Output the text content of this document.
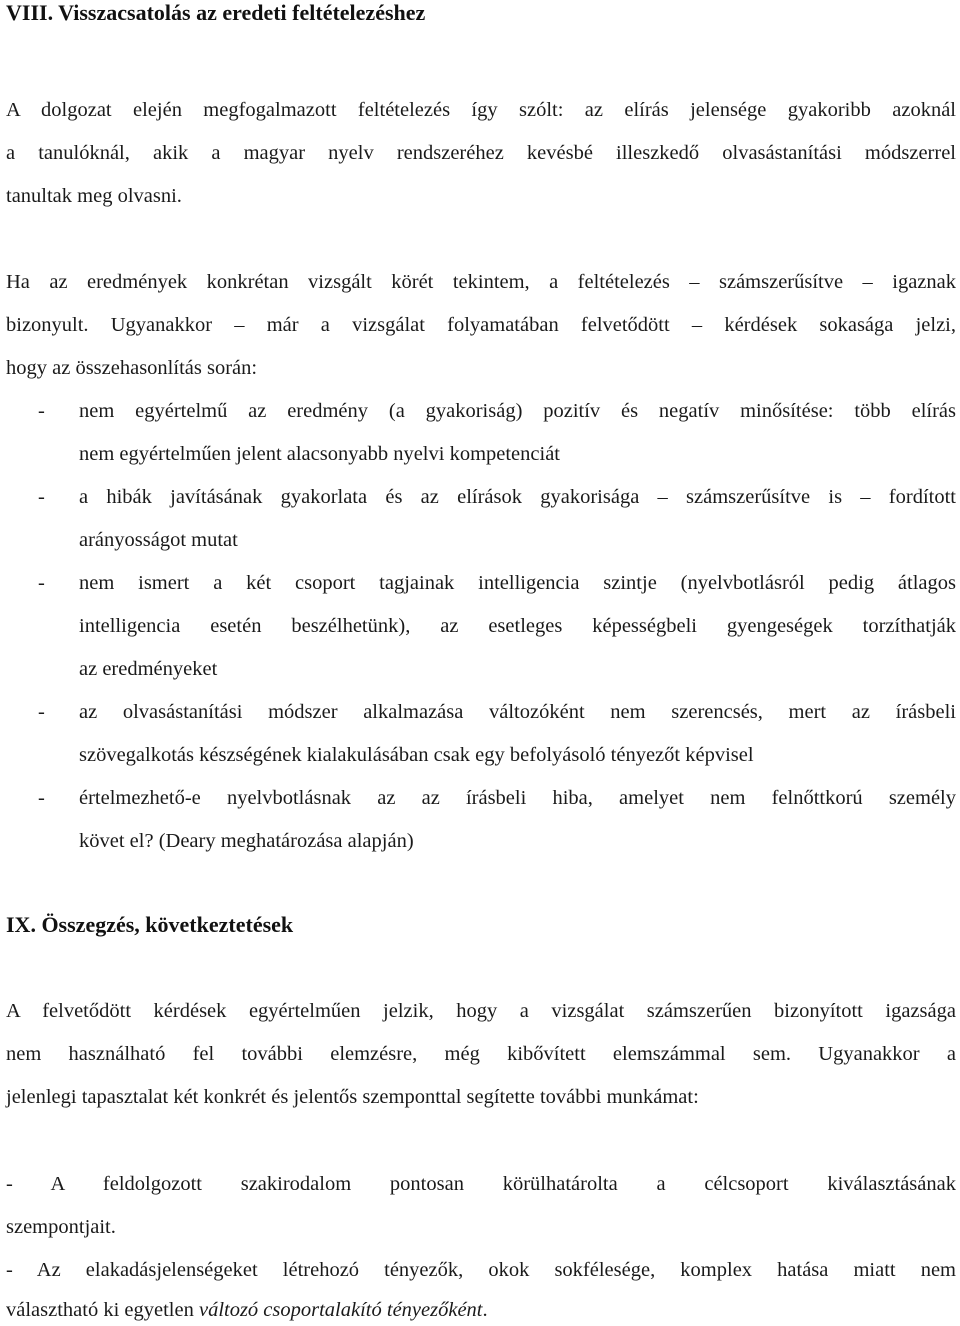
VIII. Visszacsatolás az eredeti feltételezéshez
A dolgozat elején megfogalmazott feltételezés így szólt: az elírás jelensége gyakoribb azoknál
a tanulóknál, akik a magyar nyelv rendszeréhez kevésbé illeszkedő olvasástanítási módszerrel
tanultak meg olvasni.
Ha az eredmények konkrétan vizsgált körét tekintem, a feltételezés – számszerűsítve – igaznak
bizonyult. Ugyanakkor – már a vizsgálat folyamatában felvetődött – kérdések sokasága jelzi,
hogy az összehasonlítás során:
- nem egyértelmű az eredmény (a gyakoriság) pozitív és negatív minősítése: több elírás
nem egyértelműen jelent alacsonyabb nyelvi kompetenciát
- a hibák javításának gyakorlata és az elírások gyakorisága – számszerűsítve is – fordított
arányosságot mutat
- nem ismert a két csoport tagjainak intelligencia szintje (nyelvbotlásról pedig átlagos
intelligencia esetén beszélhetünk), az esetleges képességbeli gyengeségek torzíthatják
az eredményeket
- az olvasástanítási módszer alkalmazása változóként nem szerencsés, mert az írásbeli
szövegalkotás készségének kialakulásában csak egy befolyásoló tényezőt képvisel
- értelmezhető-e nyelvbotlásnak az az írásbeli hiba, amelyet nem felnőttkorú személy
követ el? (Deary meghatározása alapján)
IX. Összegzés, következtetések
A felvetődött kérdések egyértelműen jelzik, hogy a vizsgálat számszerűen bizonyított igazsága
nem használható fel további elemzésre, még kibővített elemszámmal sem. Ugyanakkor a
jelenlegi tapasztalat két konkrét és jelentős szemponttal segítette további munkámat:
- A feldolgozott szakirodalom pontosan körülhatárolta a célcsoport kiválasztásának
szempontjait.
- Az elakadásjelenségeket létrehozó tényezők, okok sokfélesége, komplex hatása miatt nem
választható ki egyetlen változó csoportalakító tényezőként.
